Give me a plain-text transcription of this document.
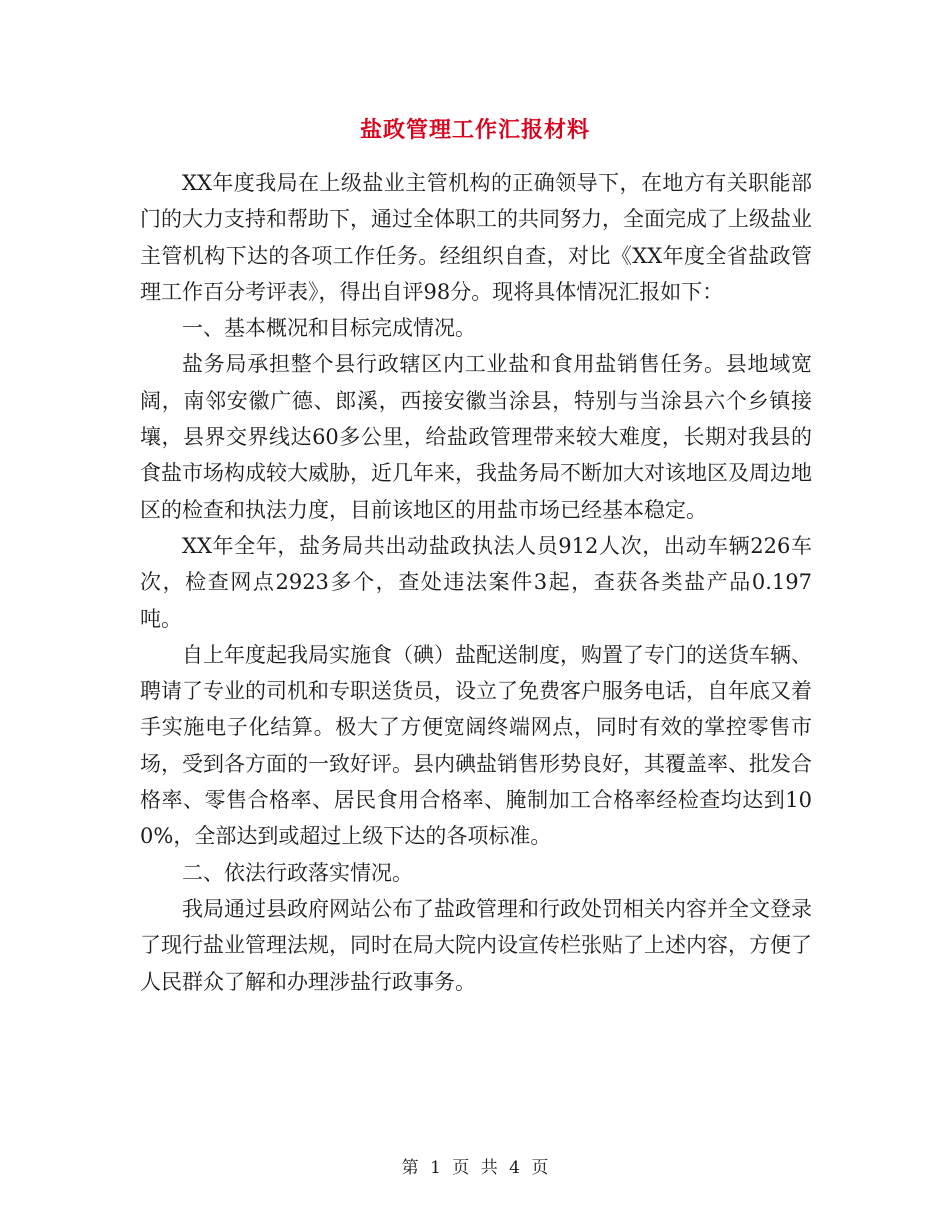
盐政管理工作汇报材料

XX年度我局在上级盐业主管机构的正确领导下，在地方有关职能部门的大力支持和帮助下，通过全体职工的共同努力，全面完成了上级盐业主管机构下达的各项工作任务。经组织自查，对比《XX年度全省盐政管理工作百分考评表》，得出自评98分。现将具体情况汇报如下：

一、基本概况和目标完成情况。

盐务局承担整个县行政辖区内工业盐和食用盐销售任务。县地域宽阔，南邻安徽广德、郎溪，西接安徽当涂县，特别与当涂县六个乡镇接壤，县界交界线达60多公里，给盐政管理带来较大难度，长期对我县的食盐市场构成较大威胁，近几年来，我盐务局不断加大对该地区及周边地区的检查和执法力度，目前该地区的用盐市场已经基本稳定。

XX年全年，盐务局共出动盐政执法人员912人次，出动车辆226车次，检查网点2923多个，查处违法案件3起，查获各类盐产品0.197吨。

自上年度起我局实施食（碘）盐配送制度，购置了专门的送货车辆、聘请了专业的司机和专职送货员，设立了免费客户服务电话，自年底又着手实施电子化结算。极大了方便宽阔终端网点，同时有效的掌控零售市场，受到各方面的一致好评。县内碘盐销售形势良好，其覆盖率、批发合格率、零售合格率、居民食用合格率、腌制加工合格率经检查均达到100%，全部达到或超过上级下达的各项标准。

二、依法行政落实情况。

我局通过县政府网站公布了盐政管理和行政处罚相关内容并全文登录了现行盐业管理法规，同时在局大院内设宣传栏张贴了上述内容，方便了人民群众了解和办理涉盐行政事务。

第 1 页 共 4 页
